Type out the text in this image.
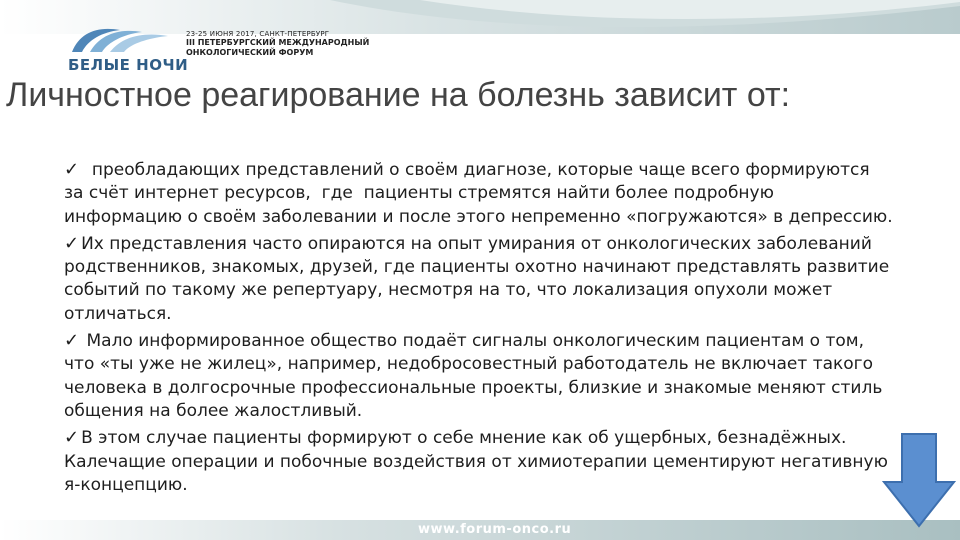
БЕЛЫЕ НОЧИ
23-25 ИЮНЯ 2017, САНКТ-ПЕТЕРБУРГ
III ПЕТЕРБУРГСКИЙ МЕЖДУНАРОДНЫЙ
ОНКОЛОГИЧЕСКИЙ ФОРУМ
Личностное реагирование на болезнь зависит от:

✓  преобладающих представлений о своём диагнозе, которые чаще всего формируются за счёт интернет ресурсов,  где  пациенты стремятся найти более подробную информацию о своём заболевании и после этого непременно «погружаются» в депрессию.

✓ Их представления часто опираются на опыт умирания от онкологических заболеваний родственников, знакомых, друзей, где пациенты охотно начинают представлять развитие событий по такому же репертуару, несмотря на то, что локализация опухоли может отличаться.

✓ Мало информированное общество подаёт сигналы онкологическим пациентам о том, что «ты уже не жилец», например, недобросовестный работодатель не включает такого человека в долгосрочные профессиональные проекты, близкие и знакомые меняют стиль общения на более жалостливый.

✓ В этом случае пациенты формируют о себе мнение как об ущербных, безнадёжных.  Калечащие операции и побочные воздействия от химиотерапии цементируют негативную я-концепцию.

www.forum-onco.ru
